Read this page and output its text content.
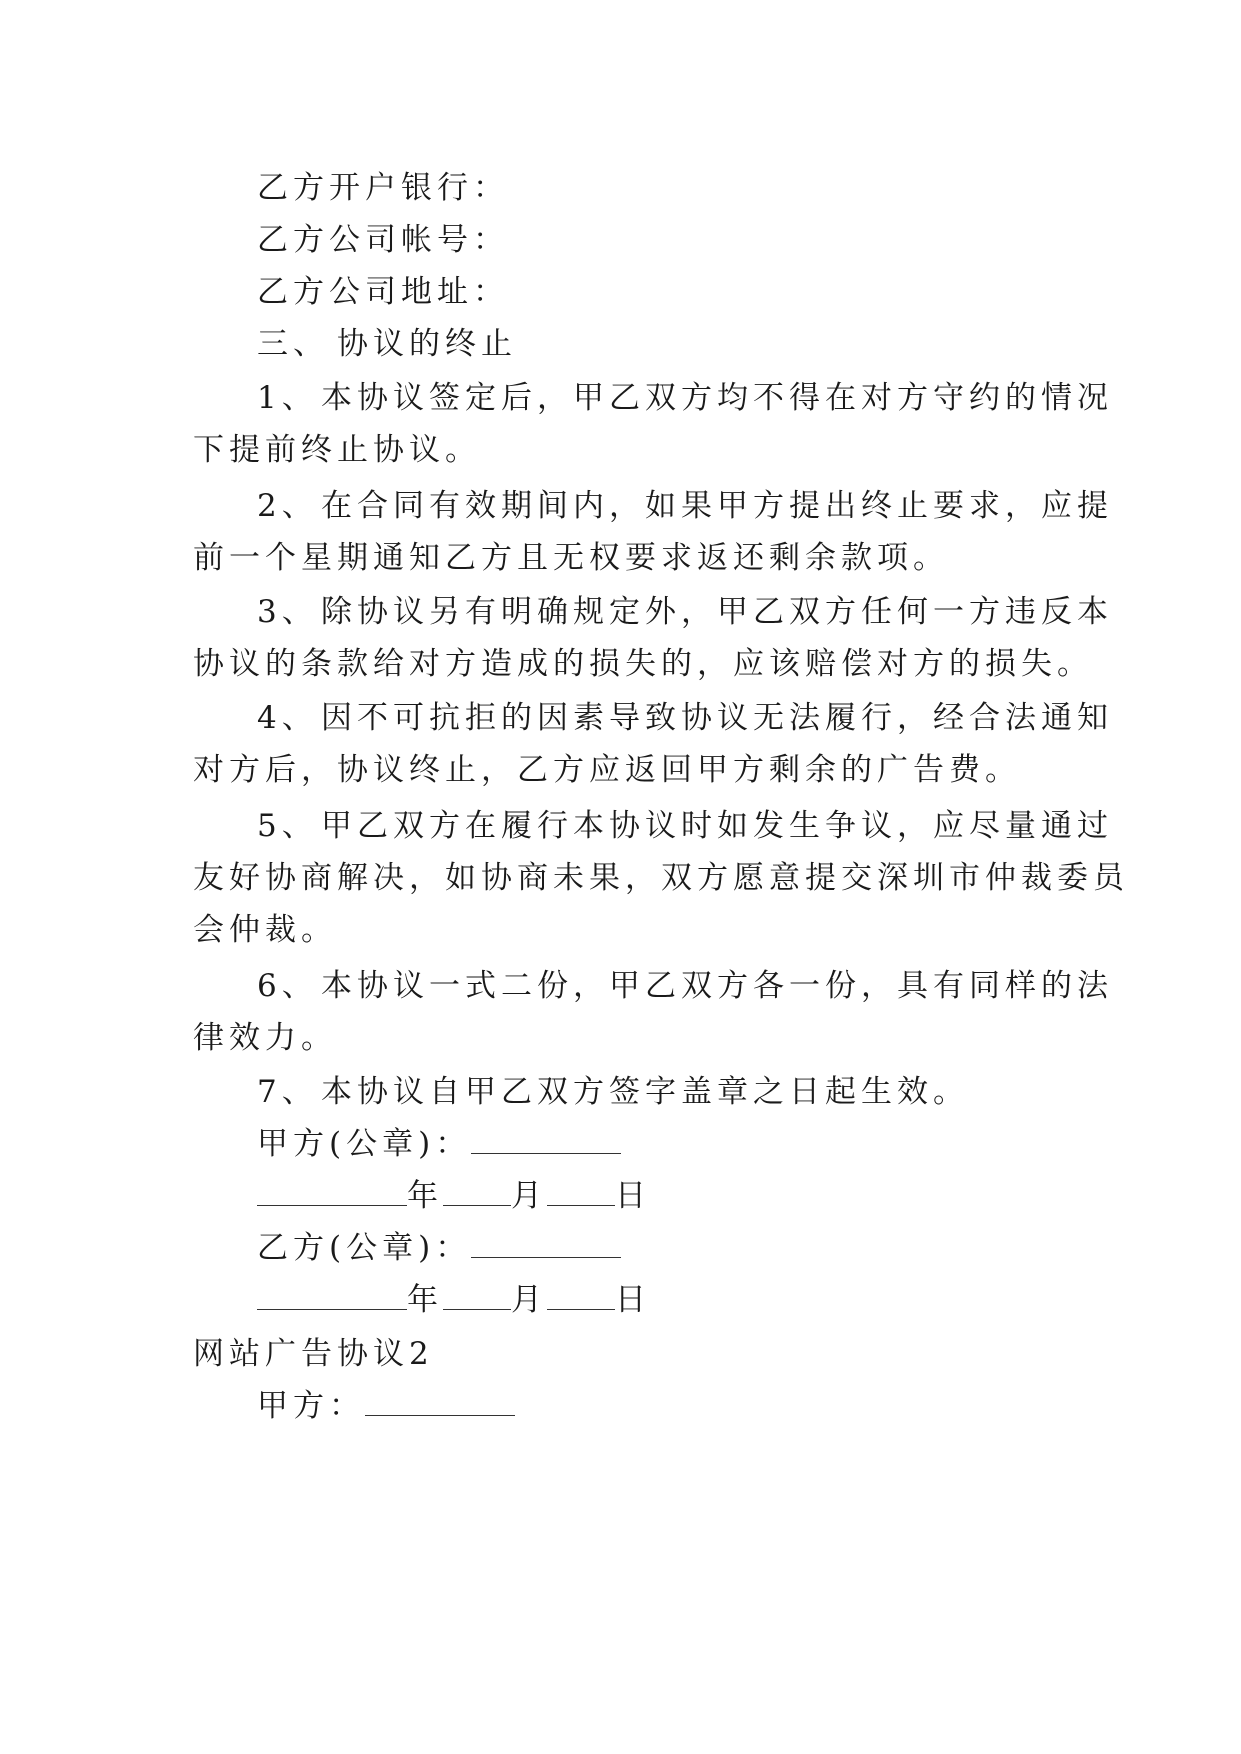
乙方开户银行：
乙方公司帐号：
乙方公司地址：
三、 协议的终止
1、 本协议签定后，甲乙双方均不得在对方守约的情况
下提前终止协议。
2、 在合同有效期间内，如果甲方提出终止要求，应提
前一个星期通知乙方且无权要求返还剩余款项。
3、 除协议另有明确规定外，甲乙双方任何一方违反本
协议的条款给对方造成的损失的，应该赔偿对方的损失。
4、 因不可抗拒的因素导致协议无法履行，经合法通知
对方后，协议终止，乙方应返回甲方剩余的广告费。
5、 甲乙双方在履行本协议时如发生争议，应尽量通过
友好协商解决，如协商未果，双方愿意提交深圳市仲裁委员
会仲裁。
6、 本协议一式二份，甲乙双方各一份，具有同样的法
律效力。
7、 本协议自甲乙双方签字盖章之日起生效。
甲方(公章)：
年 月 日
乙方(公章)：
年 月 日
网站广告协议2
甲方：
